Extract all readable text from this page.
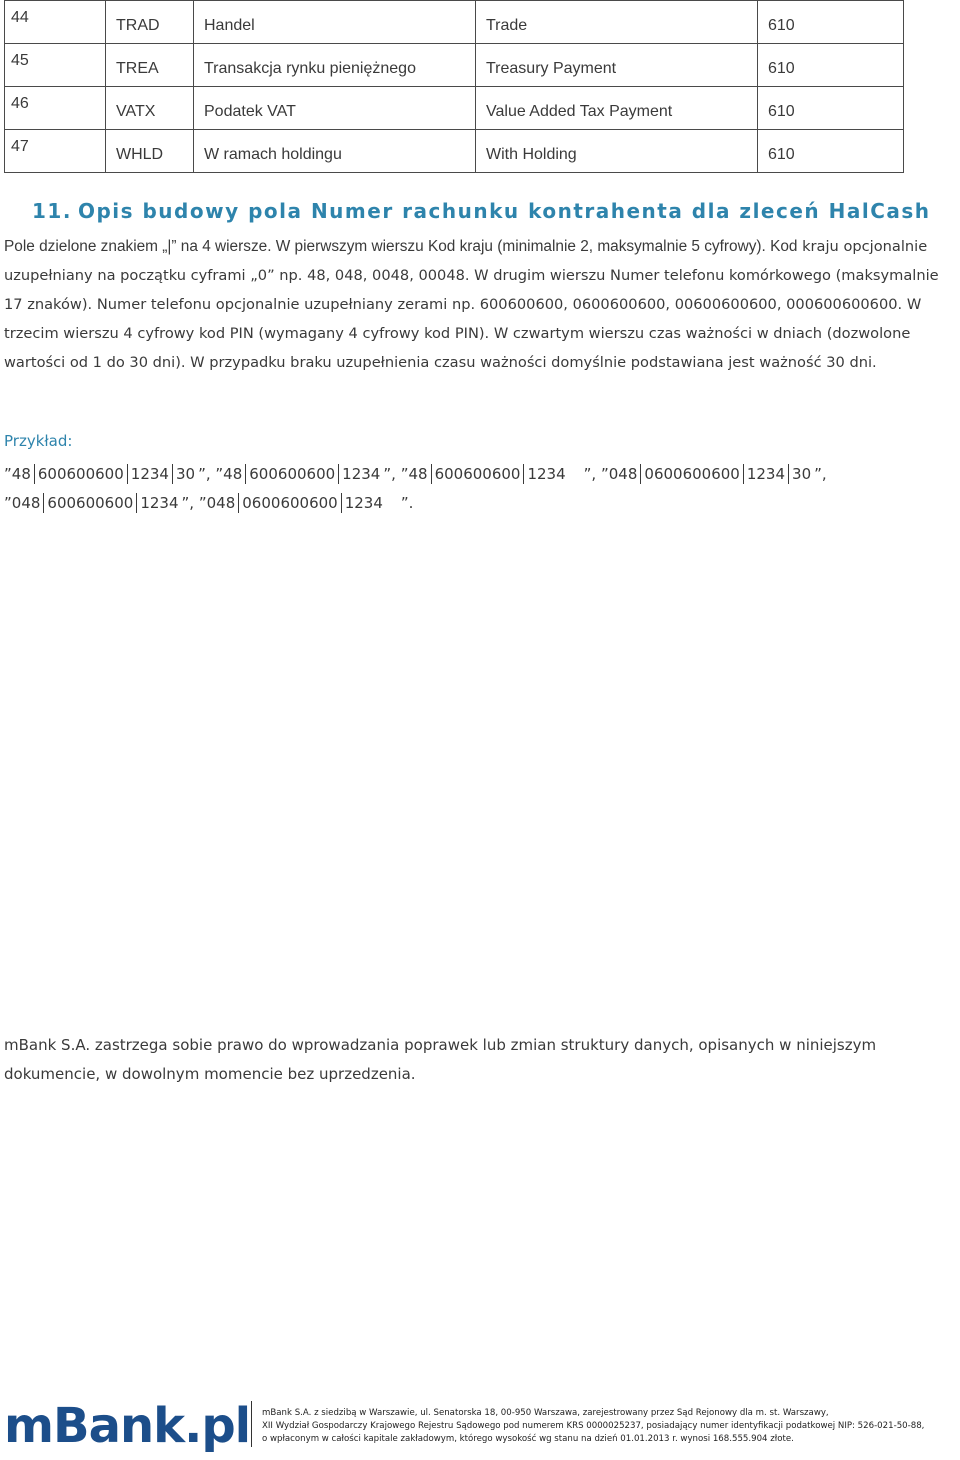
44	TRAD	Handel	Trade	610
45	TREA	Transakcja rynku pieniężnego	Treasury Payment	610
46	VATX	Podatek VAT	Value Added Tax Payment	610
47	WHLD	W ramach holdingu	With Holding	610
11. Opis budowy pola Numer rachunku kontrahenta dla zleceń HalCash

Pole dzielone znakiem „|” na 4 wiersze. W pierwszym wierszu Kod kraju (minimalnie 2, maksymalnie 5 cyfrowy). Kod kraju opcjonalnie uzupełniany na początku cyframi „0” np. 48, 048, 0048, 00048. W drugim wierszu Numer telefonu komórkowego (maksymalnie 17 znaków). Numer telefonu opcjonalnie uzupełniany zerami np. 600600600, 0600600600, 00600600600, 000600600600. W trzecim wierszu 4 cyfrowy kod PIN (wymagany 4 cyfrowy kod PIN). W czwartym wierszu czas ważności w dniach (dozwolone wartości od 1 do 30 dni). W przypadku braku uzupełnienia czasu ważności domyślnie podstawiana jest ważność 30 dni.

Przykład:
”48 600600600 1234 30 ”, ”48 600600600 1234 ”, ”48 600600600 1234 ”, ”048 0600600600 1234 30 ”,
”048 600600600 1234 ”, ”048 0600600600 1234 ”.

mBank S.A. zastrzega sobie prawo do wprowadzania poprawek lub zmian struktury danych, opisanych w niniejszym dokumencie, w dowolnym momencie bez uprzedzenia.

mBank.pl mBank S.A. z siedzibą w Warszawie, ul. Senatorska 18, 00-950 Warszawa, zarejestrowany przez Sąd Rejonowy dla m. st. Warszawy,
XII Wydział Gospodarczy Krajowego Rejestru Sądowego pod numerem KRS 0000025237, posiadający numer identyfikacji podatkowej NIP: 526-021-50-88,
o wpłaconym w całości kapitale zakładowym, którego wysokość wg stanu na dzień 01.01.2013 r. wynosi 168.555.904 złote.
